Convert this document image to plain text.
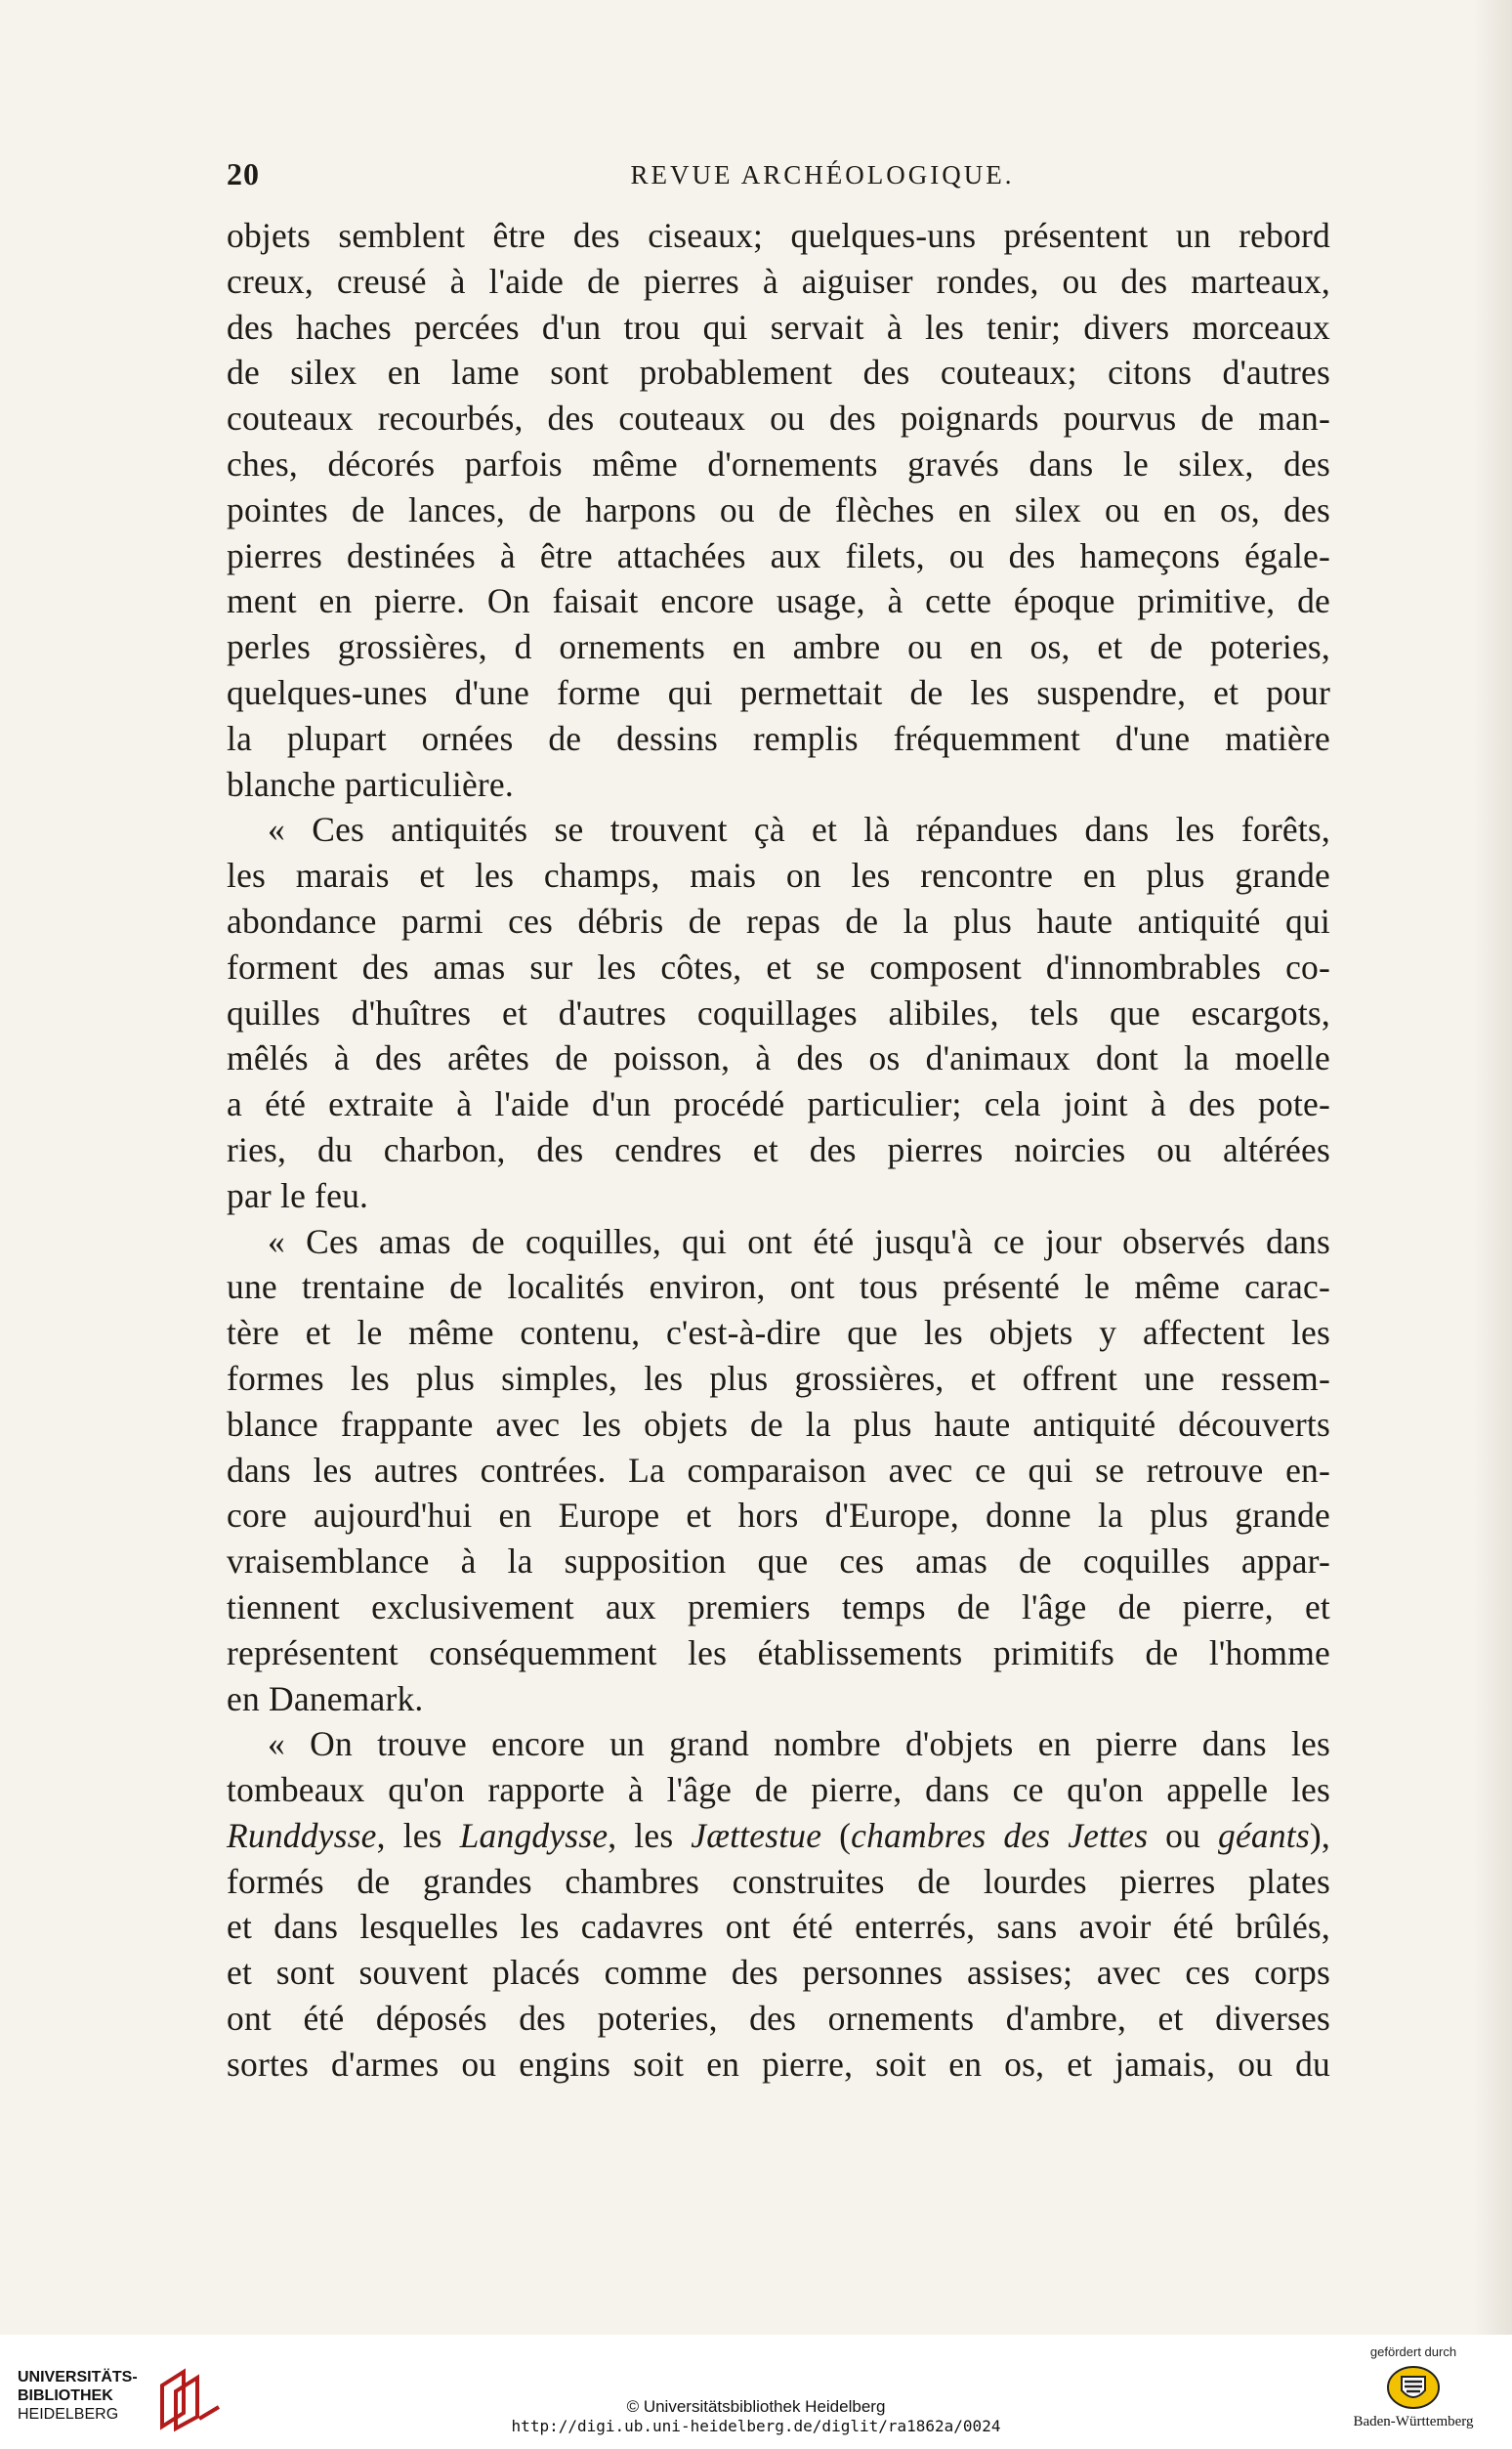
20	REVUE ARCHÉOLOGIQUE.
objets semblent être des ciseaux; quelques-uns présentent un rebord
creux, creusé à l'aide de pierres à aiguiser rondes, ou des marteaux,
des haches percées d'un trou qui servait à les tenir; divers morceaux
de silex en lame sont probablement des couteaux; citons d'autres
couteaux recourbés, des couteaux ou des poignards pourvus de man-
ches, décorés parfois même d'ornements gravés dans le silex, des
pointes de lances, de harpons ou de flèches en silex ou en os, des
pierres destinées à être attachées aux filets, ou des hameçons égale-
ment en pierre. On faisait encore usage, à cette époque primitive, de
perles grossières, d ornements en ambre ou en os, et de poteries,
quelques-unes d'une forme qui permettait de les suspendre, et pour
la plupart ornées de dessins remplis fréquemment d'une matière
blanche particulière.
« Ces antiquités se trouvent çà et là répandues dans les forêts,
les marais et les champs, mais on les rencontre en plus grande
abondance parmi ces débris de repas de la plus haute antiquité qui
forment des amas sur les côtes, et se composent d'innombrables co-
quilles d'huîtres et d'autres coquillages alibiles, tels que escargots,
mêlés à des arêtes de poisson, à des os d'animaux dont la moelle
a été extraite à l'aide d'un procédé particulier; cela joint à des pote-
ries, du charbon, des cendres et des pierres noircies ou altérées
par le feu.
« Ces amas de coquilles, qui ont été jusqu'à ce jour observés dans
une trentaine de localités environ, ont tous présenté le même carac-
tère et le même contenu, c'est-à-dire que les objets y affectent les
formes les plus simples, les plus grossières, et offrent une ressem-
blance frappante avec les objets de la plus haute antiquité découverts
dans les autres contrées. La comparaison avec ce qui se retrouve en-
core aujourd'hui en Europe et hors d'Europe, donne la plus grande
vraisemblance à la supposition que ces amas de coquilles appar-
tiennent exclusivement aux premiers temps de l'âge de pierre, et
représentent conséquemment les établissements primitifs de l'homme
en Danemark.
« On trouve encore un grand nombre d'objets en pierre dans les
tombeaux qu'on rapporte à l'âge de pierre, dans ce qu'on appelle les
Runddysse, les Langdysse, les Jættestue (chambres des Jettes ou géants),
formés de grandes chambres construites de lourdes pierres plates
et dans lesquelles les cadavres ont été enterrés, sans avoir été brûlés,
et sont souvent placés comme des personnes assises; avec ces corps
ont été déposés des poteries, des ornements d'ambre, et diverses
sortes d'armes ou engins soit en pierre, soit en os, et jamais, ou du
UNIVERSITÄTS-
BIBLIOTHEK
HEIDELBERG	© Universitätsbibliothek Heidelberg
http://digi.ub.uni-heidelberg.de/diglit/ra1862a/0024
gefördert durch
Baden-Württemberg
